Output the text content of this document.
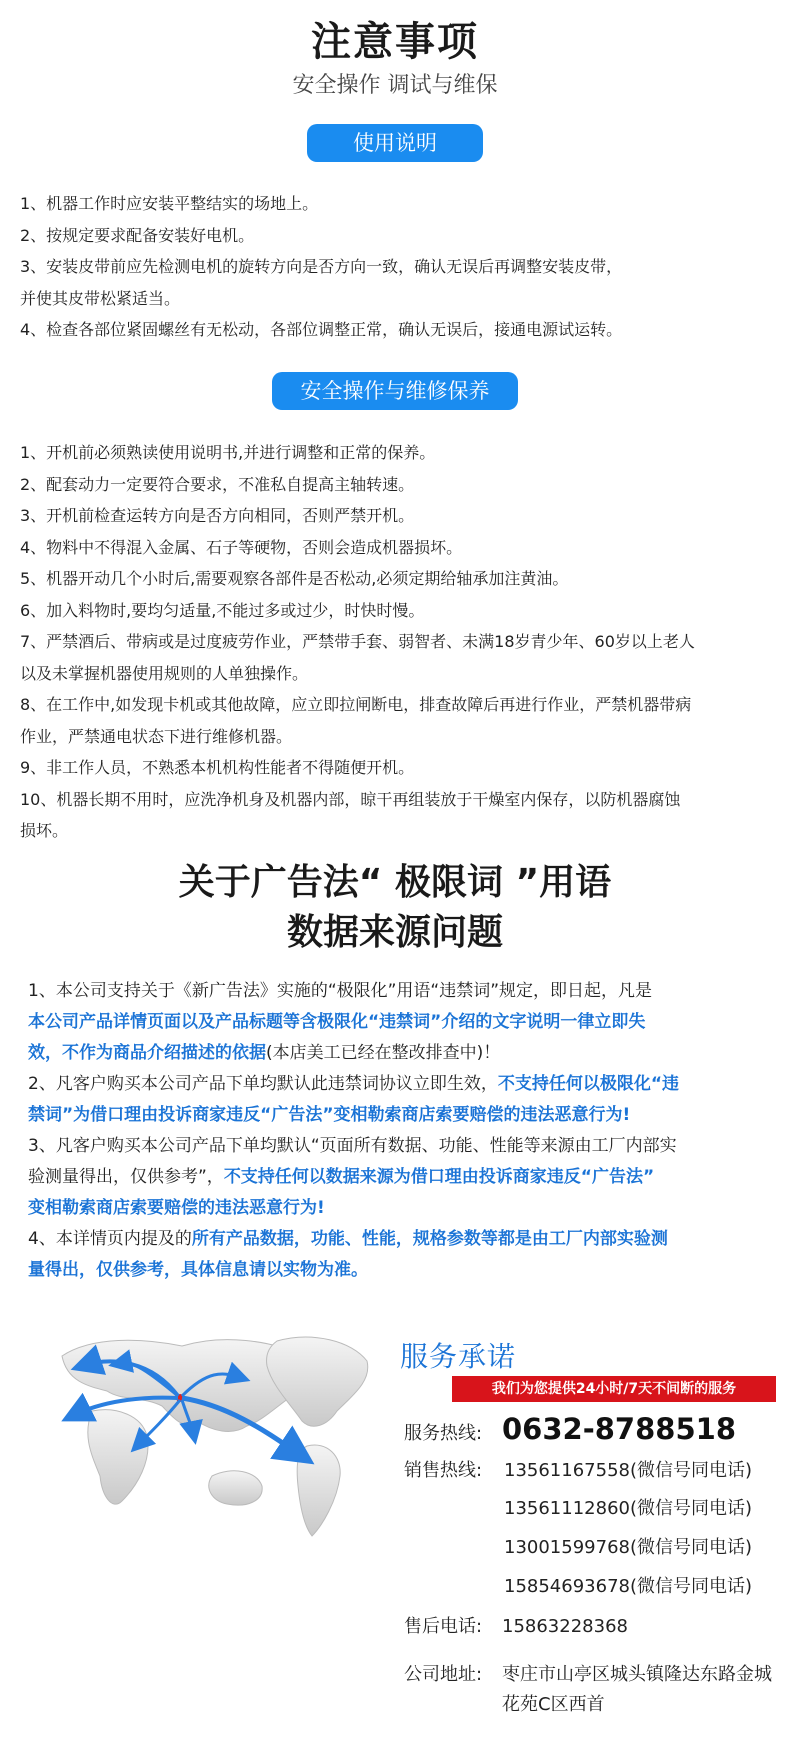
注意事项
安全操作 调试与维保
使用说明
1、机器工作时应安装平整结实的场地上。
2、按规定要求配备安装好电机。
3、安装皮带前应先检测电机的旋转方向是否方向一致，确认无误后再调整安装皮带，
并使其皮带松紧适当。
4、检查各部位紧固螺丝有无松动，各部位调整正常，确认无误后，接通电源试运转。
安全操作与维修保养
1、开机前必须熟读使用说明书,并进行调整和正常的保养。
2、配套动力一定要符合要求，不准私自提高主轴转速。
3、开机前检查运转方向是否方向相同，否则严禁开机。
4、物料中不得混入金属、石子等硬物，否则会造成机器损坏。
5、机器开动几个小时后,需要观察各部件是否松动,必须定期给轴承加注黄油。
6、加入料物时,要均匀适量,不能过多或过少，时快时慢。
7、严禁酒后、带病或是过度疲劳作业，严禁带手套、弱智者、未满18岁青少年、60岁以上老人
以及未掌握机器使用规则的人单独操作。
8、在工作中,如发现卡机或其他故障，应立即拉闸断电，排查故障后再进行作业，严禁机器带病
作业，严禁通电状态下进行维修机器。
9、非工作人员，不熟悉本机机构性能者不得随便开机。
10、机器长期不用时，应洗净机身及机器内部，晾干再组装放于干燥室内保存，以防机器腐蚀
损坏。
关于广告法“ 极限词 ”用语
数据来源问题
1、本公司支持关于《新广告法》实施的“极限化”用语“违禁词”规定，即日起，凡是
本公司产品详情页面以及产品标题等含极限化“违禁词”介绍的文字说明一律立即失
效，不作为商品介绍描述的依据(本店美工已经在整改排查中)！
2、凡客户购买本公司产品下单均默认此违禁词协议立即生效，不支持任何以极限化“违
禁词”为借口理由投诉商家违反“广告法”变相勒索商店索要赔偿的违法恶意行为!
3、凡客户购买本公司产品下单均默认“页面所有数据、功能、性能等来源由工厂内部实
验测量得出，仅供参考”，不支持任何以数据来源为借口理由投诉商家违反“广告法”
变相勒索商店索要赔偿的违法恶意行为!
4、本详情页内提及的所有产品数据，功能、性能，规格参数等都是由工厂内部实验测
量得出，仅供参考，具体信息请以实物为准。
服务承诺
我们为您提供24小时/7天不间断的服务
服务热线: 0632-8788518
销售热线: 13561167558(微信号同电话)
13561112860(微信号同电话)
13001599768(微信号同电话)
15854693678(微信号同电话)
售后电话: 15863228368
公司地址: 枣庄市山亭区城头镇隆达东路金城花苑C区西首
